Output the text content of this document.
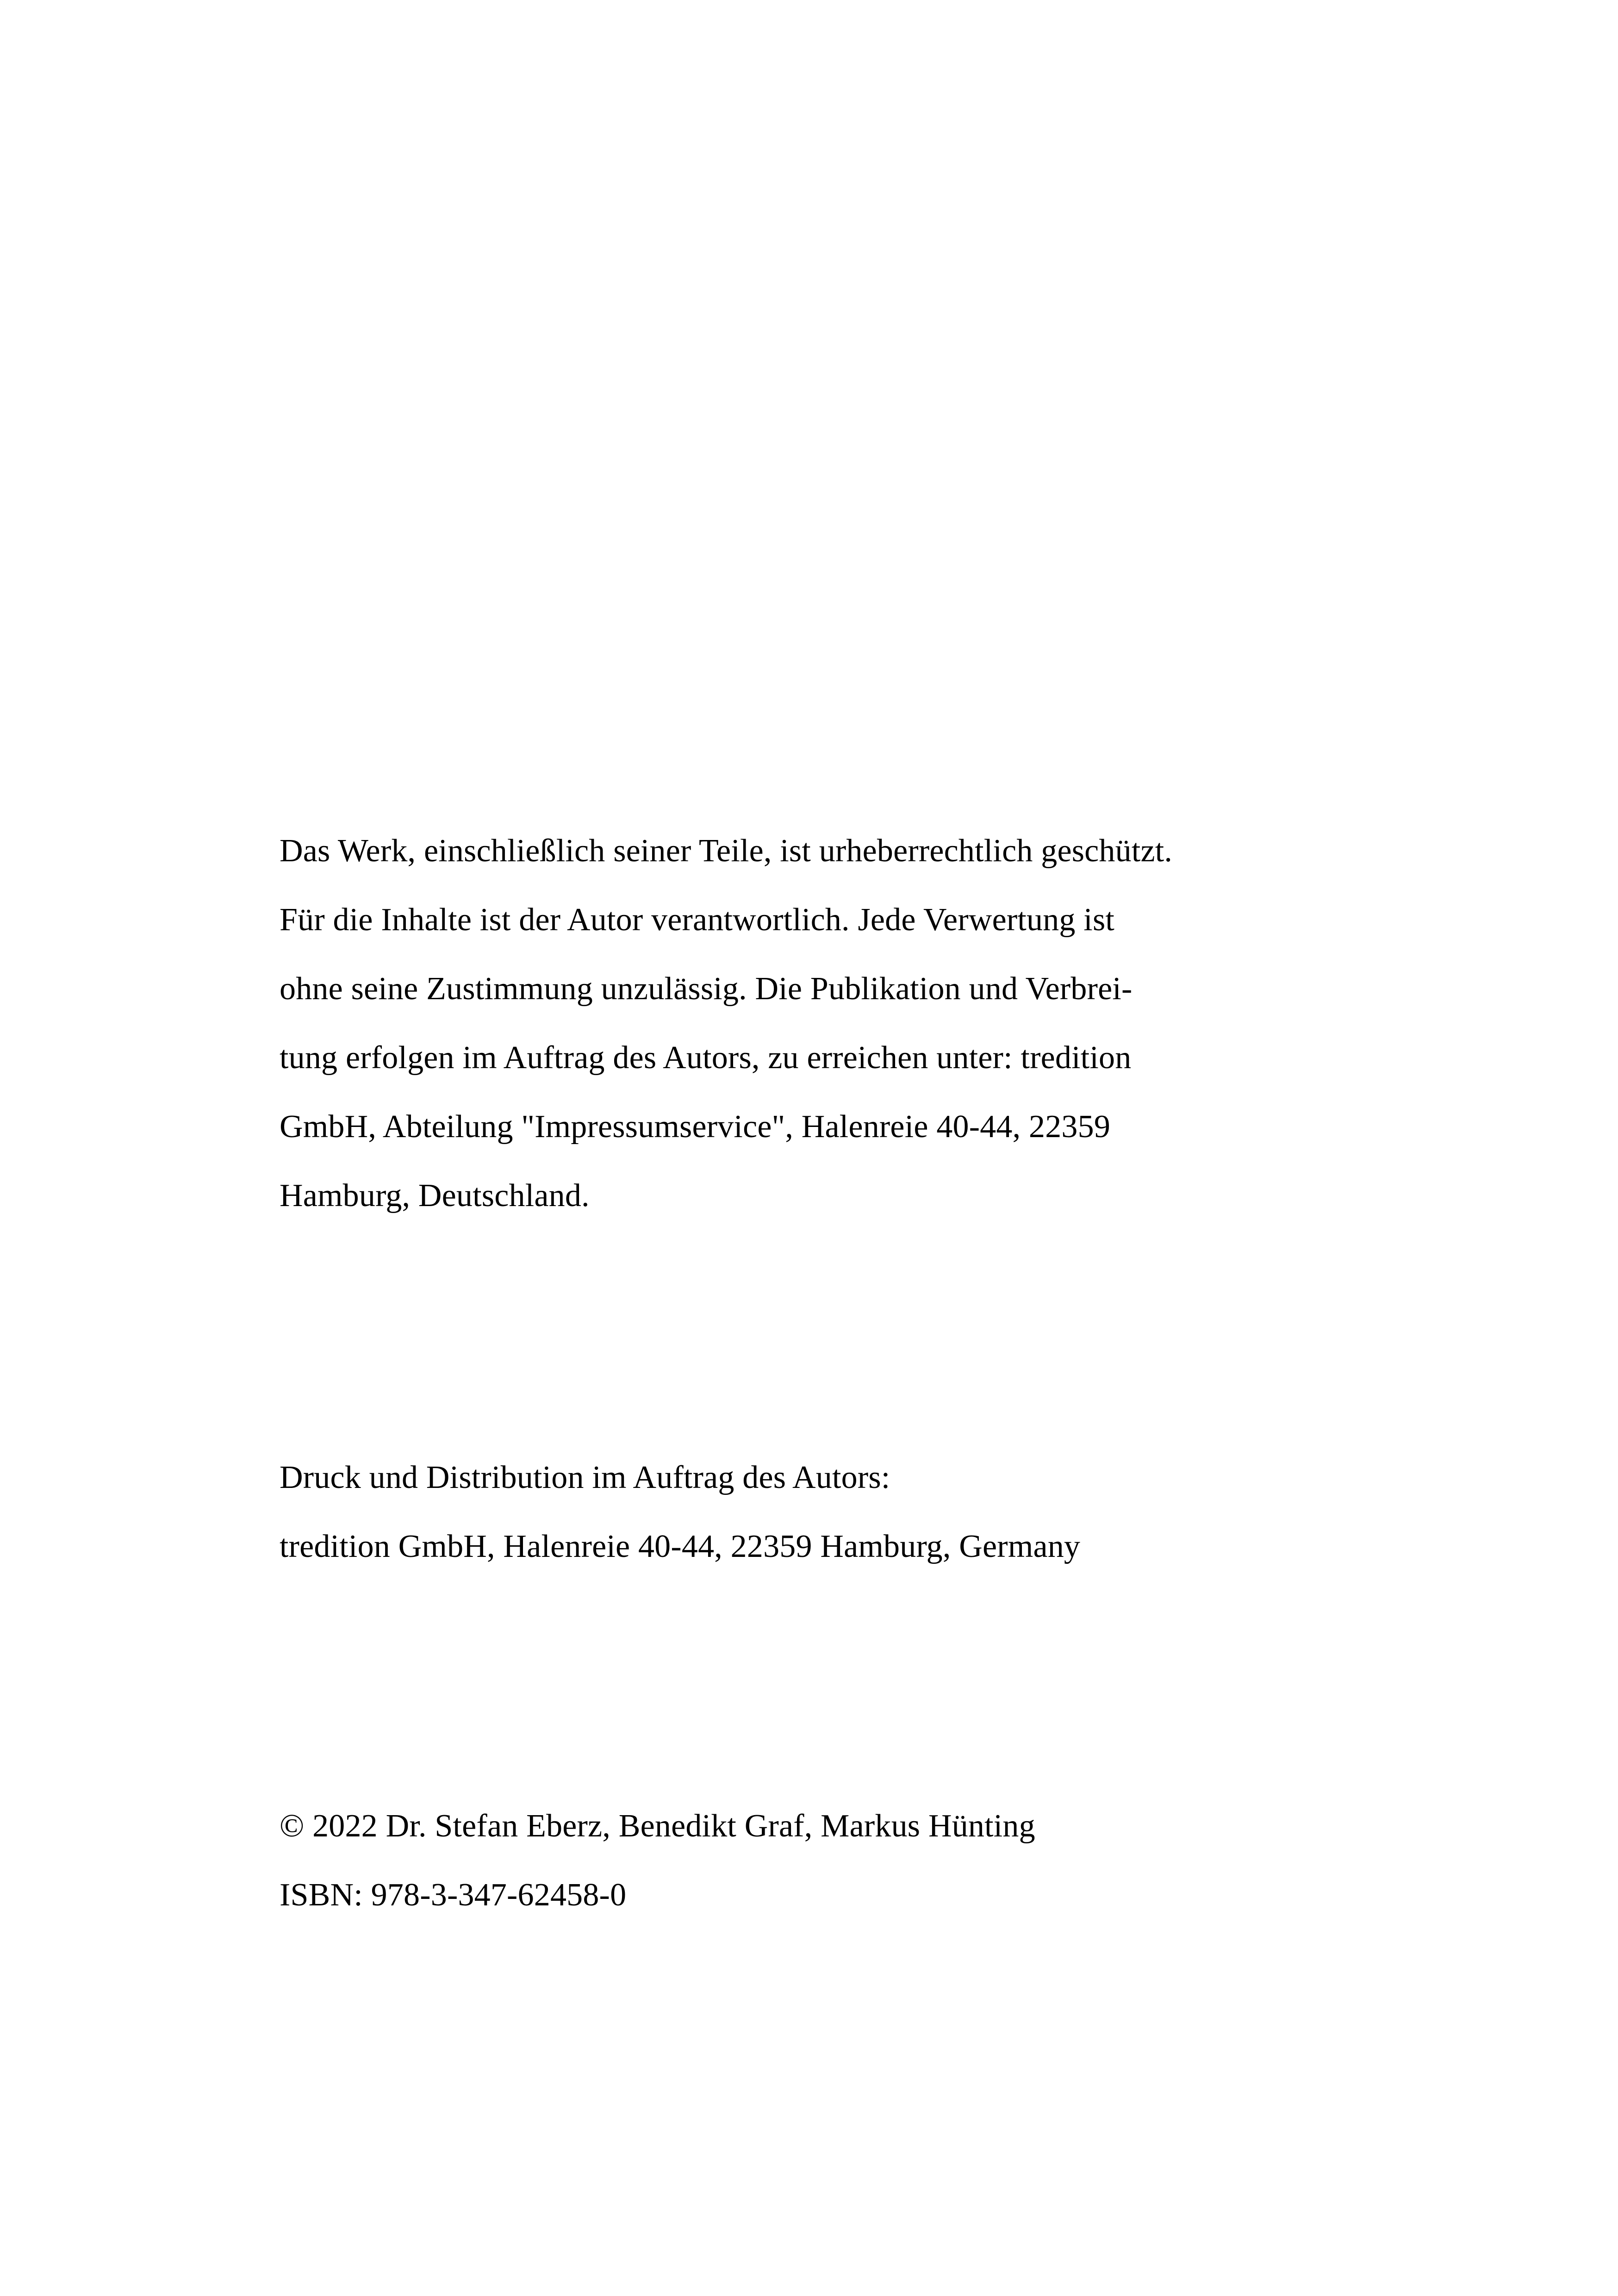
Das Werk, einschließlich seiner Teile, ist urheberrechtlich geschützt.
Für die Inhalte ist der Autor verantwortlich. Jede Verwertung ist
ohne seine Zustimmung unzulässig. Die Publikation und Verbrei-
tung erfolgen im Auftrag des Autors, zu erreichen unter: tredition
GmbH, Abteilung "Impressumservice", Halenreie 40-44, 22359
Hamburg, Deutschland.
Druck und Distribution im Auftrag des Autors:
tredition GmbH, Halenreie 40-44, 22359 Hamburg, Germany
© 2022 Dr. Stefan Eberz, Benedikt Graf, Markus Hünting
ISBN: 978-3-347-62458-0
